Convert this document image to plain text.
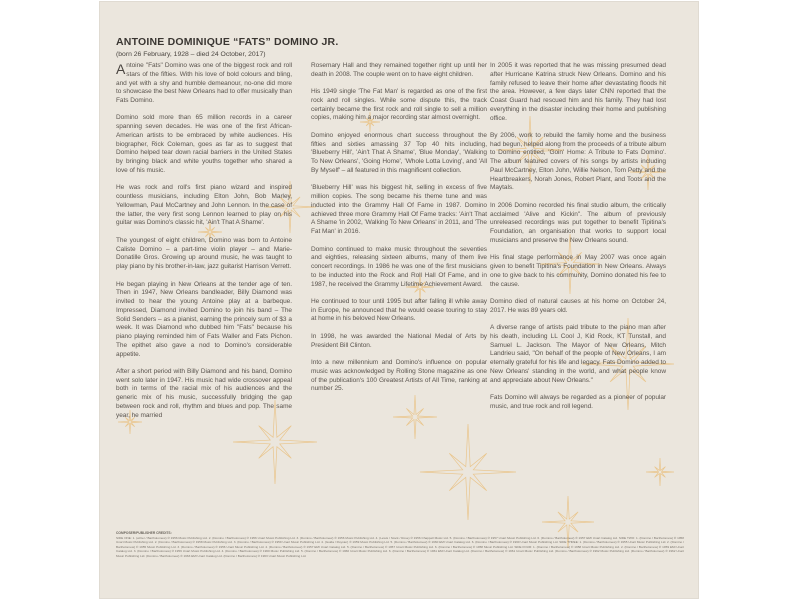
ANTOINE DOMINIQUE “FATS” DOMINO JR.
(born 26 February, 1928 – died 24 October, 2017)

Antoine "Fats" Domino was one of the biggest rock and roll stars of the fifties. With his love of bold colours and bling, and yet with a shy and humble demeanour, no-one did more to showcase the best New Orleans had to offer musically than Fats Domino.

Domino sold more than 65 million records in a career spanning seven decades. He was one of the first African-American artists to be embraced by white audiences. His biographer, Rick Coleman, goes as far as to suggest that Domino helped tear down racial barriers in the United States by bringing black and white youths together who shared a love of his music.

He was rock and roll's first piano wizard and inspired countless musicians, including Elton John, Bob Marley, Yellowman, Paul McCartney and John Lennon. In the case of the latter, the very first song Lennon learned to play on his guitar was Domino's classic hit, 'Ain't That A Shame'.

The youngest of eight children, Domino was born to Antoine Caliste Domino – a part-time violin player – and Marie-Donatille Gros. Growing up around music, he was taught to play piano by his brother-in-law, jazz guitarist Harrison Verrett.

He began playing in New Orleans at the tender age of ten. Then in 1947, New Orleans bandleader, Billy Diamond was invited to hear the young Antoine play at a barbeque. Impressed, Diamond invited Domino to join his band – The Solid Senders – as a pianist, earning the princely sum of $3 a week. It was Diamond who dubbed him "Fats" because his piano playing reminded him of Fats Waller and Fats Pichon. The epithet also gave a nod to Domino's considerable appetite.

After a short period with Billy Diamond and his band, Domino went solo later in 1947. His music had wide crossover appeal both in terms of the racial mix of his audiences and the generic mix of his music, successfully bridging the gap between rock and roll, rhythm and blues and pop. The same year, he married

Rosemary Hall and they remained together right up until her death in 2008. The couple went on to have eight children.

His 1949 single 'The Fat Man' is regarded as one of the first rock and roll singles. While some dispute this, the track certainly became the first rock and roll single to sell a million copies, making him a major recording star almost overnight.

Domino enjoyed enormous chart success throughout the fifties and sixties amassing 37 Top 40 hits including, 'Blueberry Hill', 'Ain't That A Shame', 'Blue Monday', 'Walking To New Orleans', 'Going Home', 'Whole Lotta Loving', and 'All By Myself' – all featured in this magnificent collection.

'Blueberry Hill' was his biggest hit, selling in excess of five million copies. The song became his theme tune and was inducted into the Grammy Hall Of Fame in 1987. Domino achieved three more Grammy Hall Of Fame tracks: 'Ain't That A Shame 'in 2002, 'Walking To New Orleans' in 2011, and 'The Fat Man' in 2016.

Domino continued to make music throughout the seventies and eighties, releasing sixteen albums, many of them live concert recordings. In 1986 he was one of the first musicians to be inducted into the Rock and Roll Hall Of Fame, and in 1987, he received the Grammy Lifetime Achievement Award.

He continued to tour until 1995 but after falling ill while away in Europe, he announced that he would cease touring to stay at home in his beloved New Orleans.

In 1998, he was awarded the National Medal of Arts by President Bill Clinton.

Into a new millennium and Domino's influence on popular music was acknowledged by Rolling Stone magazine as one of the publication's 100 Greatest Artists of All Time, ranking at number 25.

In 2005 it was reported that he was missing presumed dead after Hurricane Katrina struck New Orleans. Domino and his family refused to leave their home after devastating floods hit the area. However, a few days later CNN reported that the Coast Guard had rescued him and his family. They had lost everything in the disaster including their home and publishing office.

By 2006, work to rebuild the family home and the business had begun, helped along from the proceeds of a tribute album to Domino entitled, 'Goin' Home: A Tribute to Fats Domino'. The album featured covers of his songs by artists including Paul McCartney, Elton John, Willie Nelson, Tom Petty and the Heartbreakers, Norah Jones, Robert Plant, and Toots and the Maytals.

In 2006 Domino recorded his final studio album, the critically acclaimed 'Alive and Kickin''. The album of previously unreleased recordings was put together to benefit Tipitina's Foundation, an organisation that works to support local musicians and preserve the New Orleans sound.

His final stage performance in May 2007 was once again given to benefit Tipitina's Foundation in New Orleans. Always one to give back to his community, Domino donated his fee to the cause.

Domino died of natural causes at his home on October 24, 2017. He was 89 years old.

A diverse range of artists paid tribute to the piano man after his death, including LL Cool J, Kid Rock, KT Tunstall, and Samuel L. Jackson. The Mayor of New Orleans, Mitch Landrieu said, "On behalf of the people of New Orleans, I am eternally grateful for his life and legacy. Fats Domino added to New Orleans' standing in the world, and what people know and appreciate about New Orleans."

Fats Domino will always be regarded as a pioneer of popular music, and true rock and roll legend.

COMPOSER/PUBLISHER CREDITS:
SIDE ONE: 1. (writer / Bartholomew) ℗ 1956 Music Publishing Ltd. 2. (Domino / Bartholomew) ℗ 1956 Unart Music Publishing Ltd. 3. (Domino / Bartholomew) ℗ 1956 Music Publishing Ltd. 4. (Lewis / Stock / Rose) ℗ 1956 Chappell Music Ltd. 5. (Domino / Bartholomew) ℗ 1957 Unart Music Publishing Ltd. 6. (Domino / Bartholomew) ℗ 1957 EMI Unart Catalog Ltd. SIDE TWO: 1. (Domino / Bartholomew) ℗ 1958 Unart Music Publishing Ltd. 2. (Domino / Bartholomew) ℗ 1958 Music Publishing Ltd. 3. (Domino / Bartholomew) ℗ 1959 Unart Music Publishing Ltd. 4. (Guida / Royster) ℗ 1959 Music Publishing Ltd. 5. (Domino / Bartholomew) ℗ 1960 EMI Unart Catalog Ltd. 6. (Domino / Bartholomew) ℗ 1960 Unart Music Publishing Ltd. SIDE THREE: 1. (Domino / Bartholomew) ℗ 1955 Unart Music Publishing Ltd. 2. (Domino / Bartholomew) ℗ 1955 Music Publishing Ltd. 3. (Domino / Bartholomew) ℗ 1956 Unart Music Publishing Ltd. 4. (Domino / Bartholomew) ℗ 1957 EMI Unart Catalog Ltd. 5. (Domino / Bartholomew) ℗ 1957 Unart Music Publishing Ltd. 6. (Domino / Bartholomew) ℗ 1958 Music Publishing Ltd. SIDE FOUR: 1. (Domino / Bartholomew) ℗ 1958 Unart Music Publishing Ltd. 2. (Domino / Bartholomew) ℗ 1959 EMI Unart Catalog Ltd. 3. (Domino / Bartholomew) ℗ 1959 Unart Music Publishing Ltd. 4. (Domino / Bartholomew) ℗ 1960 Music Publishing Ltd. 5. (Domino / Bartholomew) ℗ 1960 Unart Music Publishing Ltd. 6. (Domino / Bartholomew) ℗ 1961 EMI Unart Catalog Ltd. (Domino / Bartholomew) ℗ 1961 Unart Music Publishing Ltd. (Domino / Bartholomew) ℗ 1962 Music Publishing Ltd. (Domino / Bartholomew) ℗ 1962 Unart Music Publishing Ltd. (Domino / Bartholomew) ℗ 1963 EMI Unart Catalog Ltd. (Domino / Bartholomew) ℗ 1963 Unart Music Publishing Ltd.
